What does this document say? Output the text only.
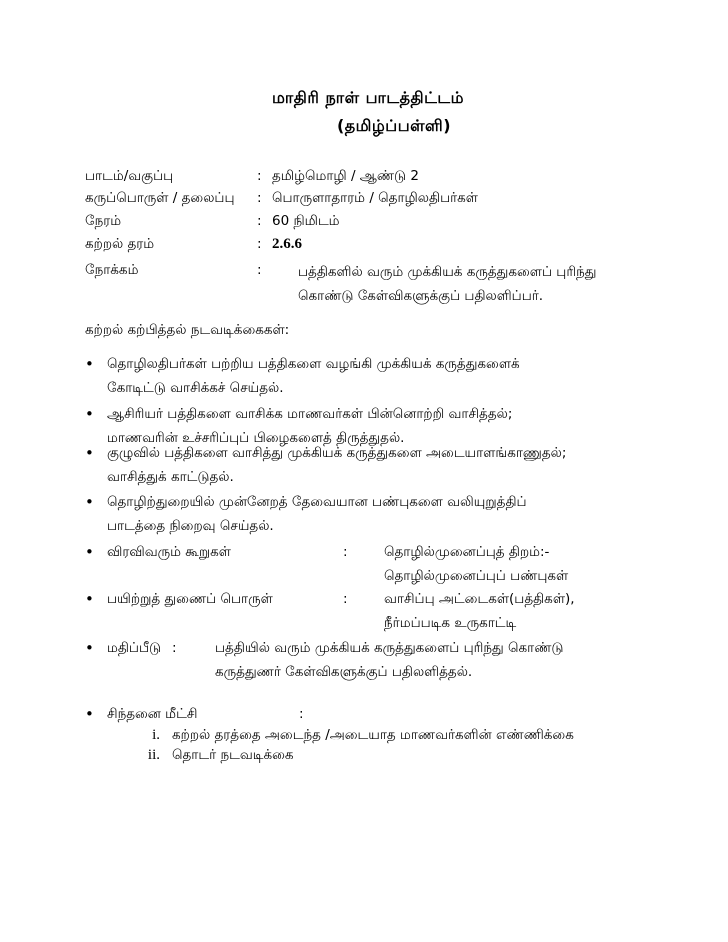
மாதிரி நாள் பாடத்திட்டம்
(தமிழ்ப்பள்ளி)
பாடம்/வகுப்பு	: தமிழ்மொழி / ஆண்டு 2
கருப்பொருள் / தலைப்பு : பொருளாதாரம் / தொழிலதிபர்கள்
நேரம்	: 60 நிமிடம்
கற்றல் தரம்	: 2.6.6
நோக்கம்	:	பத்திகளில் வரும் முக்கியக் கருத்துகளைப் புரிந்து
கொண்டு கேள்விகளுக்குப் பதிலளிப்பர்.
கற்றல் கற்பித்தல் நடவடிக்கைகள்:
• தொழிலதிபர்கள் பற்றிய பத்திகளை வழங்கி முக்கியக் கருத்துகளைக்
கோடிட்டு வாசிக்கச் செய்தல்.
• ஆசிரியர் பத்திகளை வாசிக்க மாணவர்கள் பின்னொற்றி வாசித்தல்;
மாணவரின் உச்சரிப்புப் பிழைகளைத் திருத்துதல்.
• குழுவில் பத்திகளை வாசித்து முக்கியக் கருத்துகளை அடையாளங்காணுதல்;
வாசித்துக் காட்டுதல்.
• தொழிற்துறையில் முன்னேறத் தேவையான பண்புகளை வலியுறுத்திப்
பாடத்தை நிறைவு செய்தல்.
• விரவிவரும் கூறுகள்	:	தொழில்முனைப்புத் திறம்:-
தொழில்முனைப்புப் பண்புகள்
• பயிற்றுத் துணைப் பொருள்	:	வாசிப்பு அட்டைகள்(பத்திகள்),
நீர்மப்படிக உருகாட்டி
• மதிப்பீடு :	பத்தியில் வரும் முக்கியக் கருத்துகளைப் புரிந்து கொண்டு
கருத்துணர் கேள்விகளுக்குப் பதிலளித்தல்.
• சிந்தனை மீட்சி	:
i. கற்றல் தரத்தை அடைந்த /அடையாத மாணவர்களின் எண்ணிக்கை
ii. தொடர் நடவடிக்கை
